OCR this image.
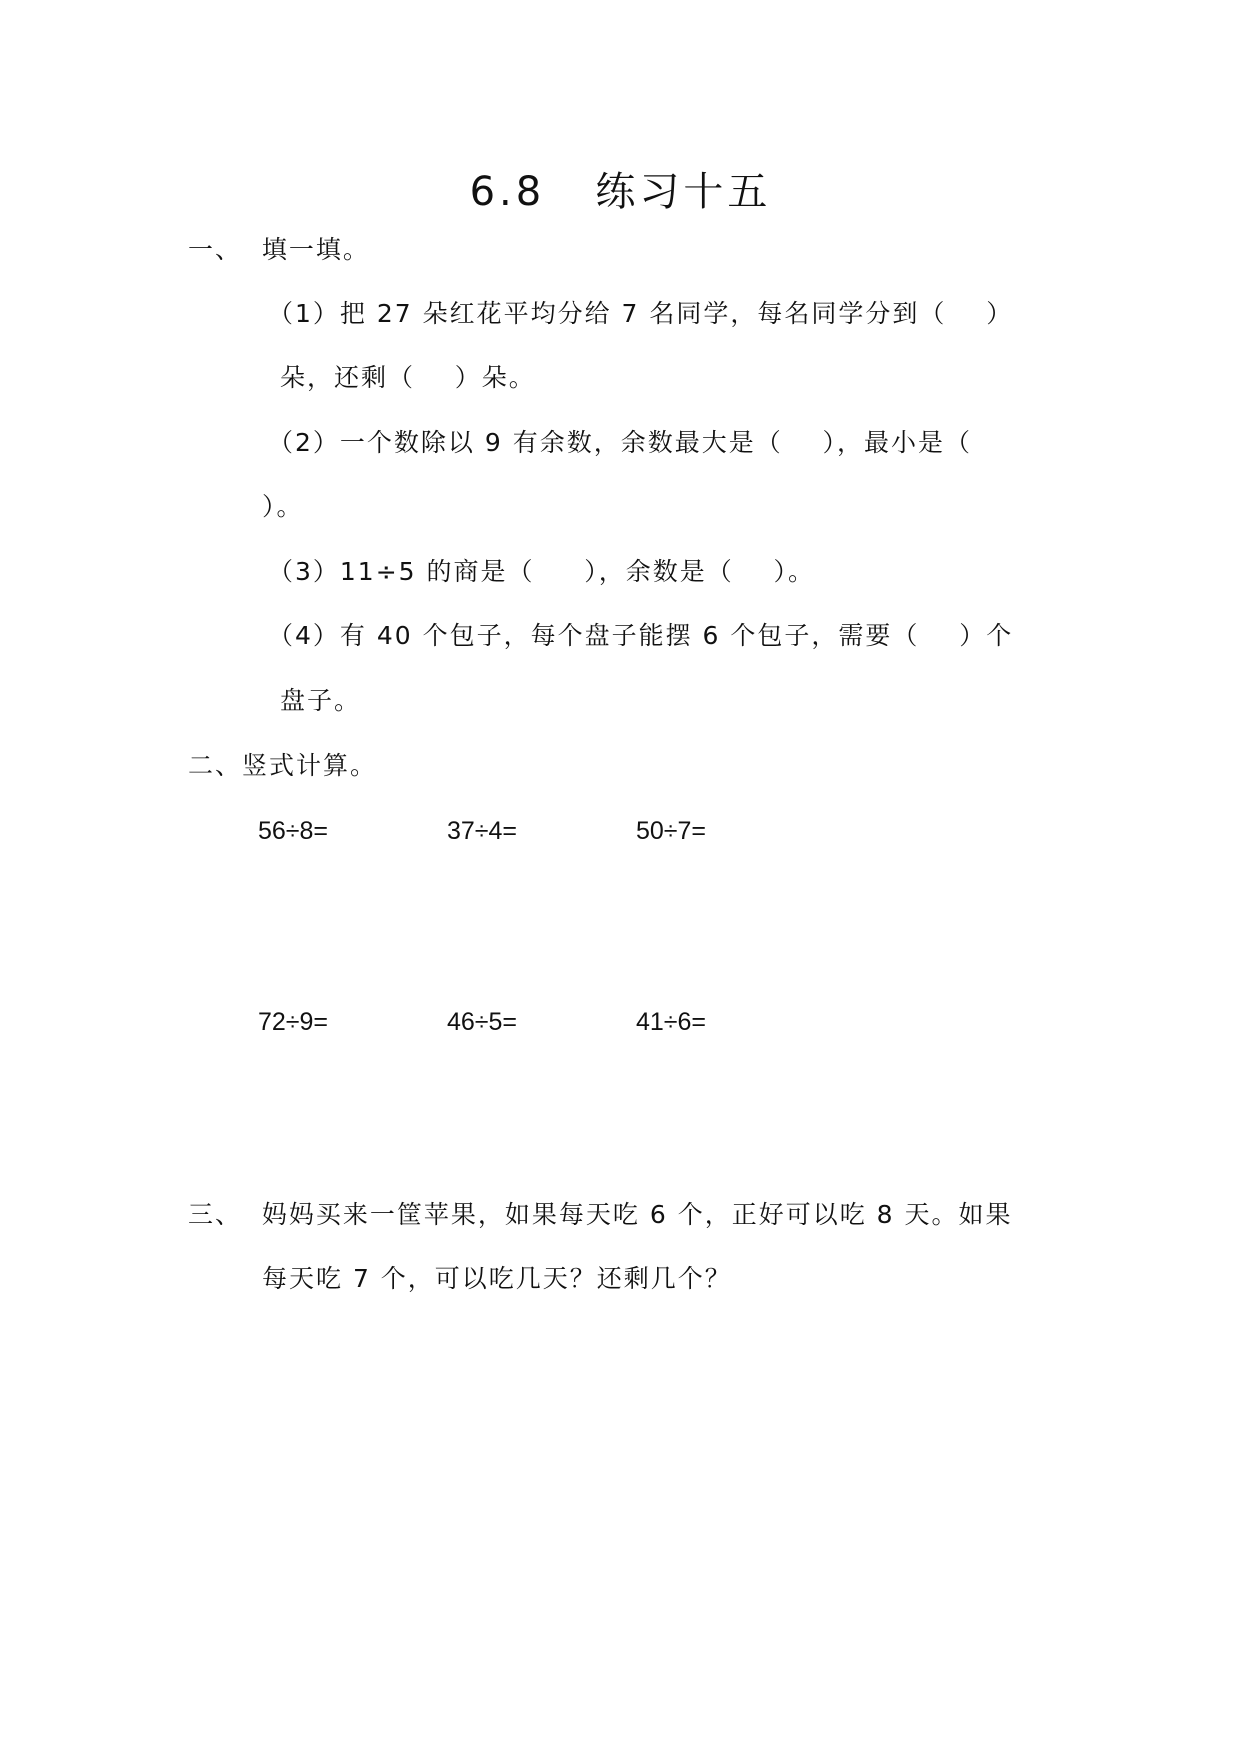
6.8   练习十五
一、  填一填。
（1）把 27 朵红花平均分给 7 名同学，每名同学分到（    ）
朵，还剩（    ）朵。
（2）一个数除以 9 有余数，余数最大是（    ），最小是（
）。
（3）11÷5 的商是（     ），余数是（    ）。
（4）有 40 个包子，每个盘子能摆 6 个包子，需要（    ）个
盘子。
二、竖式计算。
56÷8=	37÷4=	50÷7=
72÷9=	46÷5=	41÷6=
三、  妈妈买来一筐苹果，如果每天吃 6 个，正好可以吃 8 天。如果
每天吃 7 个，可以吃几天？还剩几个？
